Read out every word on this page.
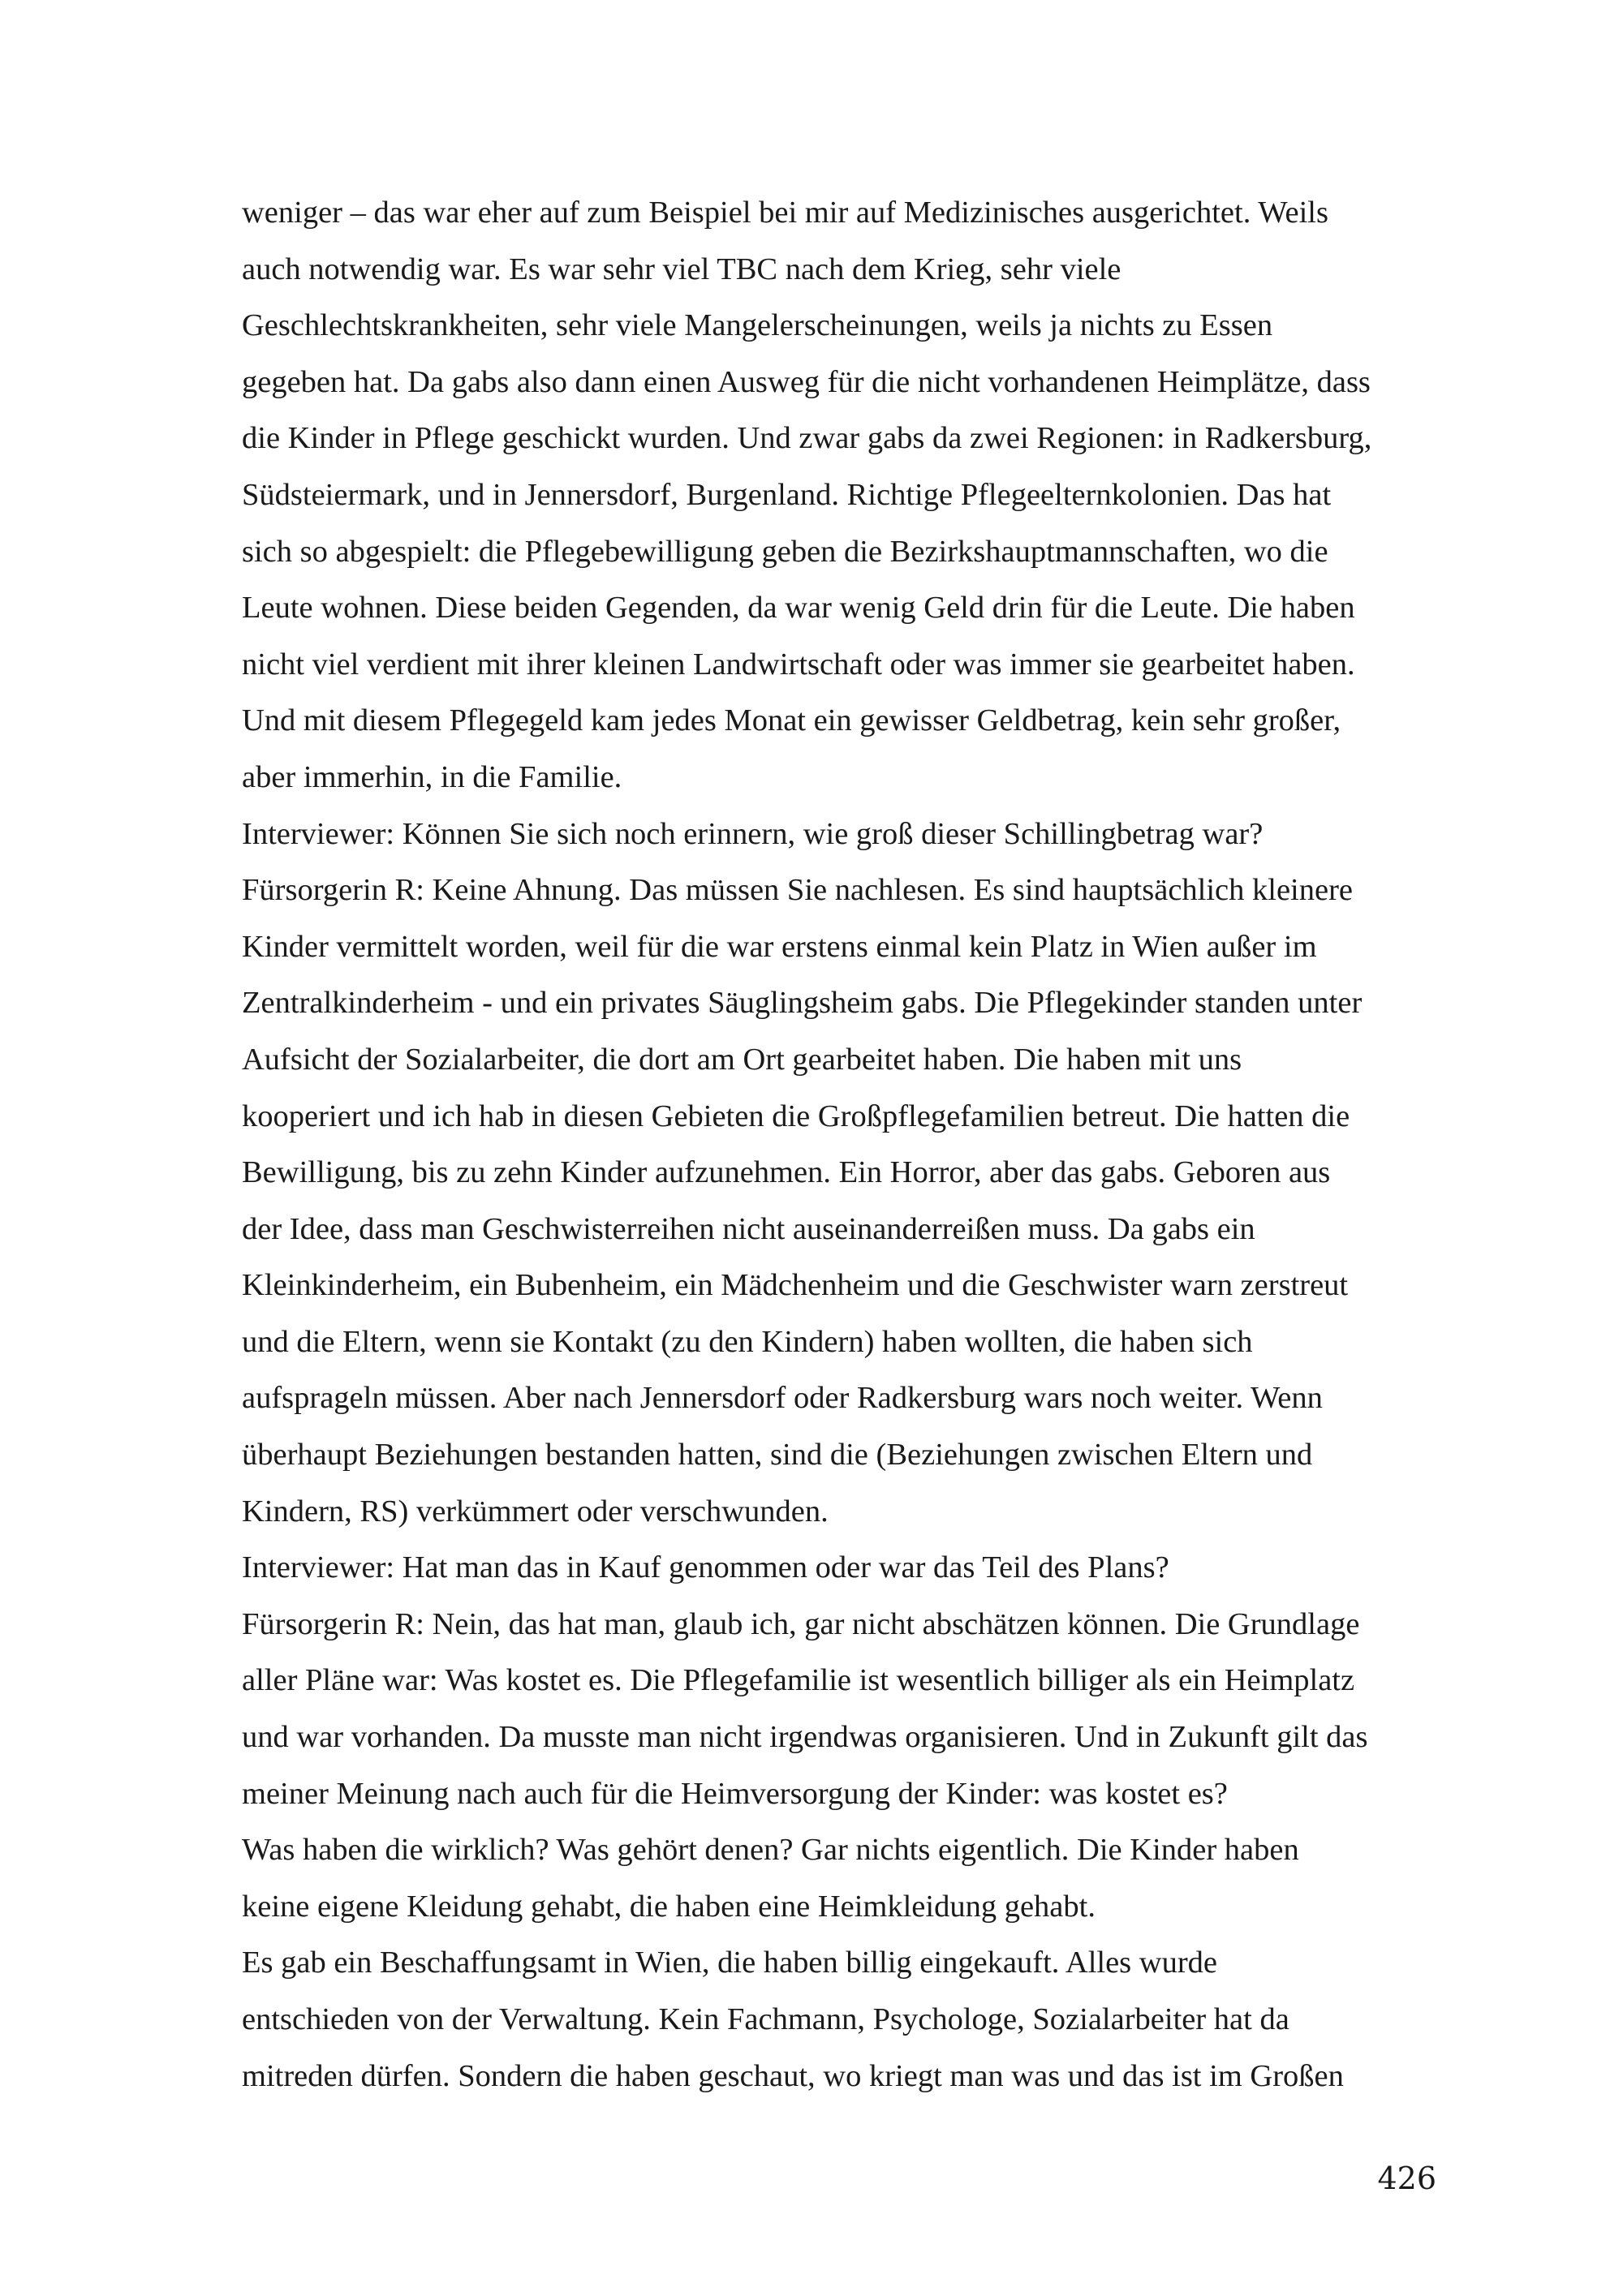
weniger – das war eher auf zum Beispiel bei mir auf Medizinisches ausgerichtet. Weils
auch notwendig war. Es war sehr viel TBC nach dem Krieg, sehr viele
Geschlechtskrankheiten, sehr viele Mangelerscheinungen, weils ja nichts zu Essen
gegeben hat. Da gabs also dann einen Ausweg für die nicht vorhandenen Heimplätze, dass
die Kinder in Pflege geschickt wurden. Und zwar gabs da zwei Regionen: in Radkersburg,
Südsteiermark, und in Jennersdorf, Burgenland. Richtige Pflegeelternkolonien. Das hat
sich so abgespielt: die Pflegebewilligung geben die Bezirkshauptmannschaften, wo die
Leute wohnen. Diese beiden Gegenden, da war wenig Geld drin für die Leute. Die haben
nicht viel verdient mit ihrer kleinen Landwirtschaft oder was immer sie gearbeitet haben.
Und mit diesem Pflegegeld kam jedes Monat ein gewisser Geldbetrag, kein sehr großer,
aber immerhin, in die Familie.
Interviewer: Können Sie sich noch erinnern, wie groß dieser Schillingbetrag war?
Fürsorgerin R: Keine Ahnung. Das müssen Sie nachlesen. Es sind hauptsächlich kleinere
Kinder vermittelt worden, weil für die war erstens einmal kein Platz in Wien außer im
Zentralkinderheim - und ein privates Säuglingsheim gabs. Die Pflegekinder standen unter
Aufsicht der Sozialarbeiter, die dort am Ort gearbeitet haben. Die haben mit uns
kooperiert und ich hab in diesen Gebieten die Großpflegefamilien betreut. Die hatten die
Bewilligung, bis zu zehn Kinder aufzunehmen. Ein Horror, aber das gabs. Geboren aus
der Idee, dass man Geschwisterreihen nicht auseinanderreißen muss. Da gabs ein
Kleinkinderheim, ein Bubenheim, ein Mädchenheim und die Geschwister warn zerstreut
und die Eltern, wenn sie Kontakt (zu den Kindern) haben wollten, die haben sich
aufspragеln müssen. Aber nach Jennersdorf oder Radkersburg wars noch weiter. Wenn
überhaupt Beziehungen bestanden hatten, sind die (Beziehungen zwischen Eltern und
Kindern, RS) verkümmert oder verschwunden.
Interviewer: Hat man das in Kauf genommen oder war das Teil des Plans?
Fürsorgerin R: Nein, das hat man, glaub ich, gar nicht abschätzen können. Die Grundlage
aller Pläne war: Was kostet es. Die Pflegefamilie ist wesentlich billiger als ein Heimplatz
und war vorhanden. Da musste man nicht irgendwas organisieren. Und in Zukunft gilt das
meiner Meinung nach auch für die Heimversorgung der Kinder: was kostet es?
Was haben die wirklich? Was gehört denen? Gar nichts eigentlich. Die Kinder haben
keine eigene Kleidung gehabt, die haben eine Heimkleidung gehabt.
Es gab ein Beschaffungsamt in Wien, die haben billig eingekauft. Alles wurde
entschieden von der Verwaltung. Kein Fachmann, Psychologe, Sozialarbeiter hat da
mitreden dürfen. Sondern die haben geschaut, wo kriegt man was und das ist im Großen
426
